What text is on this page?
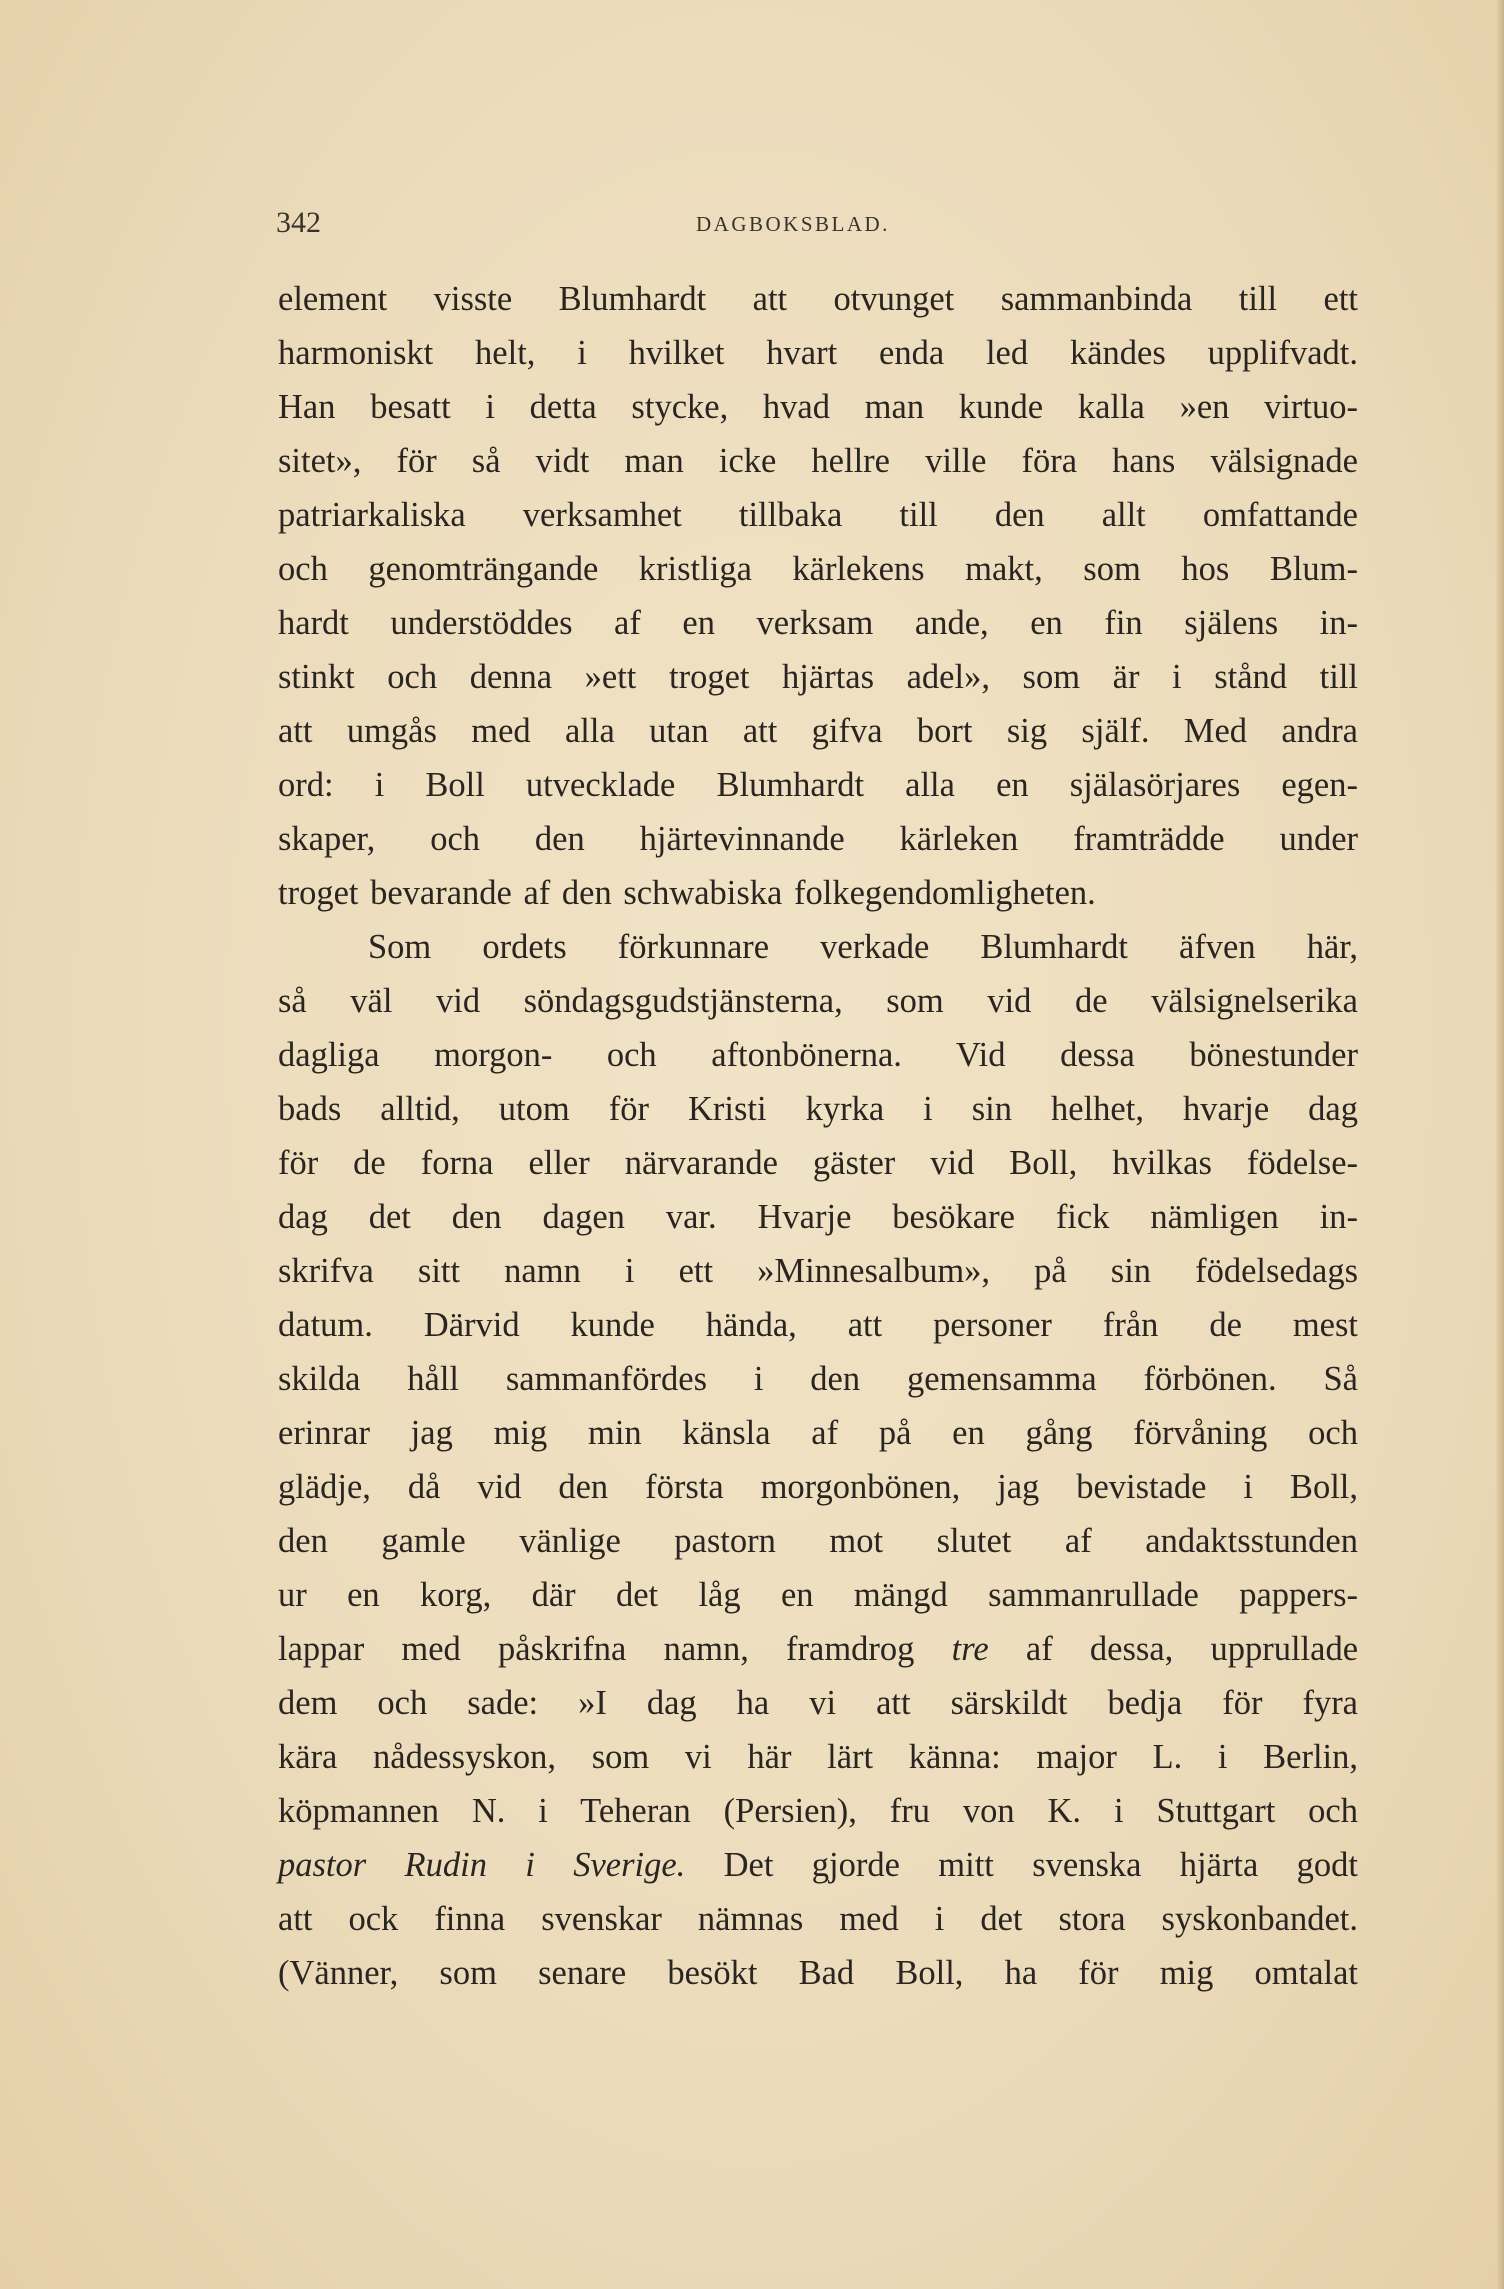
342	DAGBOKSBLAD.
element visste Blumhardt att otvunget sammanbinda till ett
harmoniskt helt, i hvilket hvart enda led kändes upplifvadt.
Han besatt i detta stycke, hvad man kunde kalla »en virtuo-
sitet», för så vidt man icke hellre ville föra hans välsignade
patriarkaliska verksamhet tillbaka till den allt omfattande
och genomträngande kristliga kärlekens makt, som hos Blum-
hardt understöddes af en verksam ande, en fin själens in-
stinkt och denna »ett troget hjärtas adel», som är i stånd till
att umgås med alla utan att gifva bort sig själf. Med andra
ord: i Boll utvecklade Blumhardt alla en själasörjares egen-
skaper, och den hjärtevinnande kärleken framträdde under
troget bevarande af den schwabiska folkegendomligheten.
Som ordets förkunnare verkade Blumhardt äfven här,
så väl vid söndagsgudstjänsterna, som vid de välsignelserika
dagliga morgon- och aftonbönerna. Vid dessa bönestunder
bads alltid, utom för Kristi kyrka i sin helhet, hvarje dag
för de forna eller närvarande gäster vid Boll, hvilkas födelse-
dag det den dagen var. Hvarje besökare fick nämligen in-
skrifva sitt namn i ett »Minnesalbum», på sin födelsedags
datum. Därvid kunde hända, att personer från de mest
skilda håll sammanfördes i den gemensamma förbönen. Så
erinrar jag mig min känsla af på en gång förvåning och
glädje, då vid den första morgonbönen, jag bevistade i Boll,
den gamle vänlige pastorn mot slutet af andaktsstunden
ur en korg, där det låg en mängd sammanrullade pappers-
lappar med påskrifna namn, framdrog tre af dessa, upprullade
dem och sade: »I dag ha vi att särskildt bedja för fyra
kära nådessyskon, som vi här lärt känna: major L. i Berlin,
köpmannen N. i Teheran (Persien), fru von K. i Stuttgart och
pastor Rudin i Sverige. Det gjorde mitt svenska hjärta godt
att ock finna svenskar nämnas med i det stora syskonbandet.
(Vänner, som senare besökt Bad Boll, ha för mig omtalat
